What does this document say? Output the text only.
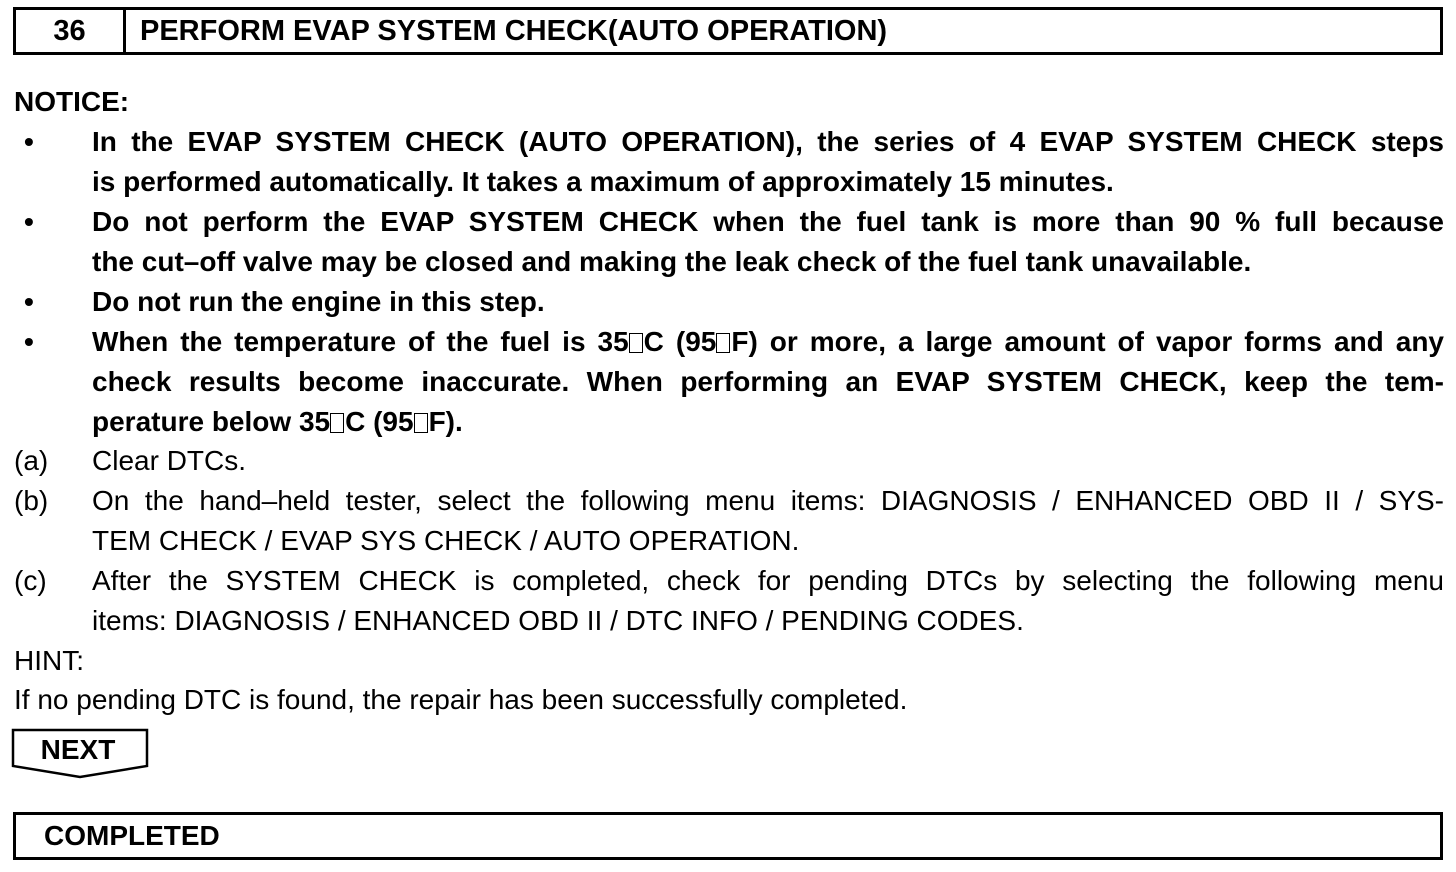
36	PERFORM EVAP SYSTEM CHECK(AUTO OPERATION)
NOTICE:
• In the EVAP SYSTEM CHECK (AUTO OPERATION), the series of 4 EVAP SYSTEM CHECK steps
is performed automatically. It takes a maximum of approximately 15 minutes.
• Do not perform the EVAP SYSTEM CHECK when the fuel tank is more than 90 % full because
the cut–off valve may be closed and making the leak check of the fuel tank unavailable.
• Do not run the engine in this step.
• When the temperature of the fuel is 35 C (95 F) or more, a large amount of vapor forms and any
check results become inaccurate. When performing an EVAP SYSTEM CHECK, keep the tem-
perature below 35 C (95 F).
(a) Clear DTCs.
(b) On the hand–held tester, select the following menu items: DIAGNOSIS / ENHANCED OBD II / SYS-
TEM CHECK / EVAP SYS CHECK / AUTO OPERATION.
(c) After the SYSTEM CHECK is completed, check for pending DTCs by selecting the following menu
items: DIAGNOSIS / ENHANCED OBD II / DTC INFO / PENDING CODES.
HINT:
If no pending DTC is found, the repair has been successfully completed.
NEXT
COMPLETED
